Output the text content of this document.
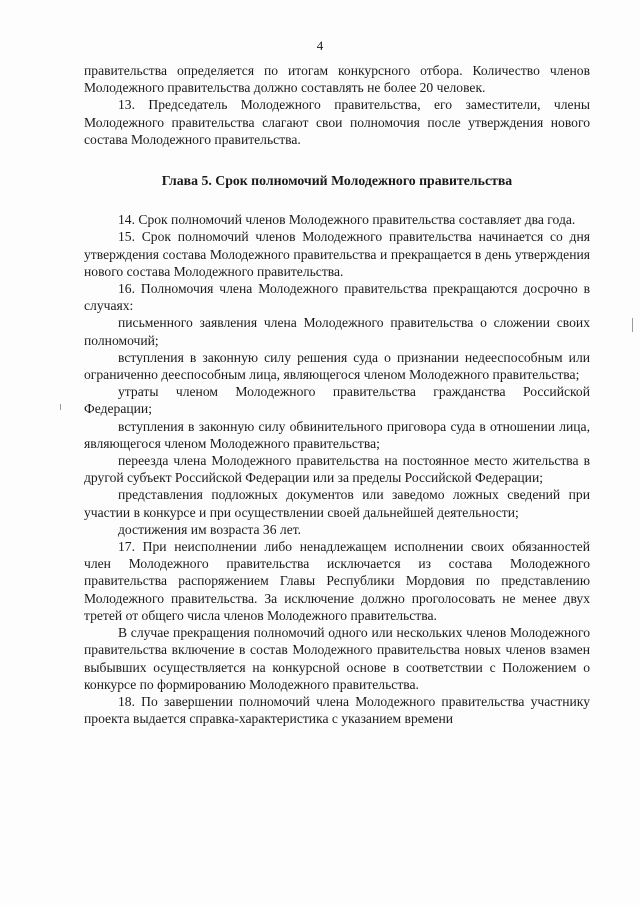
4

правительства определяется по итогам конкурсного отбора. Количество членов Молодежного правительства должно составлять не более 20 человек.

13. Председатель Молодежного правительства, его заместители, члены Молодежного правительства слагают свои полномочия после утверждения нового состава Молодежного правительства.

Глава 5. Срок полномочий Молодежного правительства

14. Срок полномочий членов Молодежного правительства составляет два года.

15. Срок полномочий членов Молодежного правительства начинается со дня утверждения состава Молодежного правительства и прекращается в день утверждения нового состава Молодежного правительства.

16. Полномочия члена Молодежного правительства прекращаются досрочно в случаях:

письменного заявления члена Молодежного правительства о сложении своих полномочий;

вступления в законную силу решения суда о признании недееспособным или ограниченно дееспособным лица, являющегося членом Молодежного правительства;

утраты членом Молодежного правительства гражданства Российской Федерации;

вступления в законную силу обвинительного приговора суда в отношении лица, являющегося членом Молодежного правительства;

переезда члена Молодежного правительства на постоянное место жительства в другой субъект Российской Федерации или за пределы Российской Федерации;

представления подложных документов или заведомо ложных сведений при участии в конкурсе и при осуществлении своей дальнейшей деятельности;

достижения им возраста 36 лет.

17. При неисполнении либо ненадлежащем исполнении своих обязанностей член Молодежного правительства исключается из состава Молодежного правительства распоряжением Главы Республики Мордовия по представлению Молодежного правительства. За исключение должно проголосовать не менее двух третей от общего числа членов Молодежного правительства.

В случае прекращения полномочий одного или нескольких членов Молодежного правительства включение в состав Молодежного правительства новых членов взамен выбывших осуществляется на конкурсной основе в соответствии с Положением о конкурсе по формированию Молодежного правительства.

18. По завершении полномочий члена Молодежного правительства участнику проекта выдается справка-характеристика с указанием времени
